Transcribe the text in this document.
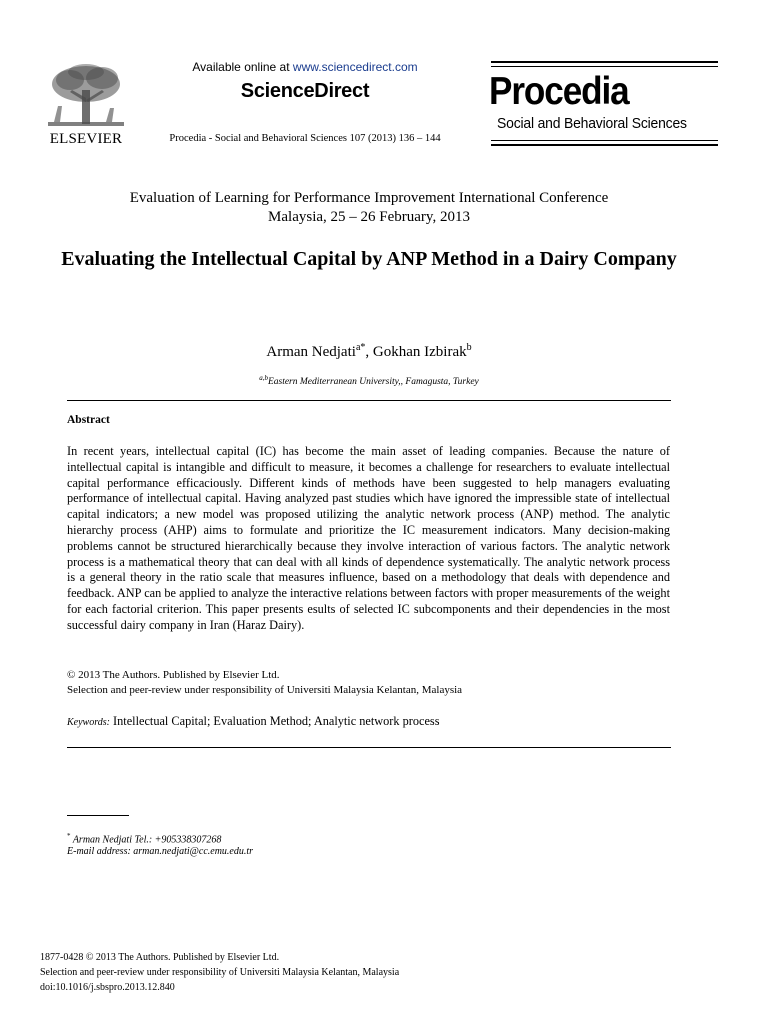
ELSEVIER
Available online at www.sciencedirect.com
ScienceDirect
Procedia - Social and Behavioral Sciences 107 (2013) 136 – 144
Procedia
Social and Behavioral Sciences
Evaluation of Learning for Performance Improvement International Conference
Malaysia, 25 – 26 February, 2013
Evaluating the Intellectual Capital by ANP Method in a Dairy Company
Arman Nedjati$^{a*}$, Gokhan Izbirak$^b$
$^{a,b}$Eastern Mediterranean University,, Famagusta, Turkey
Abstract
In recent years, intellectual capital (IC) has become the main asset of leading companies. Because the nature of intellectual capital is intangible and difficult to measure, it becomes a challenge for researchers to evaluate intellectual capital performance efficaciously. Different kinds of methods have been suggested to help managers evaluating performance of intellectual capital. Having analyzed past studies which have ignored the impressible state of intellectual capital indicators; a new model was proposed utilizing the analytic network process (ANP) method. The analytic hierarchy process (AHP) aims to formulate and prioritize the IC measurement indicators. Many decision-making problems cannot be structured hierarchically because they involve interaction of various factors. The analytic network process is a mathematical theory that can deal with all kinds of dependence systematically. The analytic network process is a general theory in the ratio scale that measures influence, based on a methodology that deals with dependence and feedback. ANP can be applied to analyze the interactive relations between factors with proper measurements of the weight for each factorial criterion. This paper presents esults of selected IC subcomponents and their dependencies in the most successful dairy company in Iran (Haraz Dairy).
© 2013 The Authors. Published by Elsevier Ltd.
Selection and peer-review under responsibility of Universiti Malaysia Kelantan, Malaysia
Keywords: Intellectual Capital; Evaluation Method; Analytic network process
* Arman Nedjati Tel.: +905338307268
E-mail address: arman.nedjati@cc.emu.edu.tr
1877-0428 © 2013 The Authors. Published by Elsevier Ltd.
Selection and peer-review under responsibility of Universiti Malaysia Kelantan, Malaysia
doi:10.1016/j.sbspro.2013.12.840
